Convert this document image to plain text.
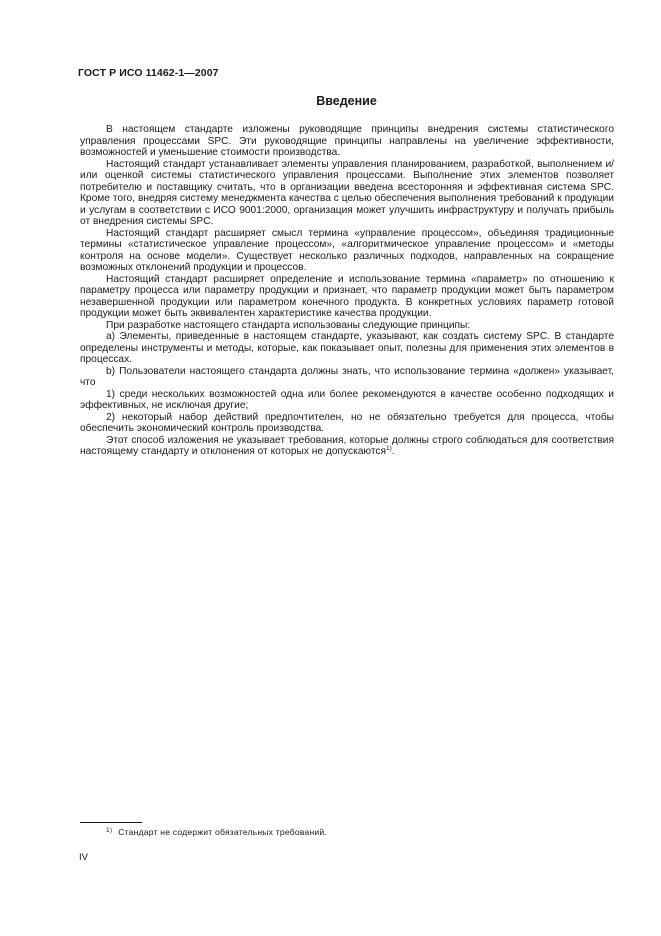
ГОСТ Р ИСО 11462-1—2007
Введение

В настоящем стандарте изложены руководящие принципы внедрения системы статистического управления процессами SPC. Эти руководящие принципы направлены на увеличение эффективности, возможностей и уменьшение стоимости производства.

Настоящий стандарт устанавливает элементы управления планированием, разработкой, выполнением и/или оценкой системы статистического управления процессами. Выполнение этих элементов позволяет потребителю и поставщику считать, что в организации введена всесторонняя и эффективная система SPC. Кроме того, внедряя систему менеджмента качества с целью обеспечения выполнения требований к продукции и услугам в соответствии с ИСО 9001:2000, организация может улучшить инфраструктуру и получать прибыль от внедрения системы SPC.

Настоящий стандарт расширяет смысл термина «управление процессом», объединяя традиционные термины «статистическое управление процессом», «алгоритмическое управление процессом» и «методы контроля на основе модели». Существует несколько различных подходов, направленных на сокращение возможных отклонений продукции и процессов.

Настоящий стандарт расширяет определение и использование термина «параметр» по отношению к параметру процесса или параметру продукции и признает, что параметр продукции может быть параметром незавершенной продукции или параметром конечного продукта. В конкретных условиях параметр готовой продукции может быть эквивалентен характеристике качества продукции.

При разработке настоящего стандарта использованы следующие принципы:

a) Элементы, приведенные в настоящем стандарте, указывают, как создать систему SPC. В стандарте определены инструменты и методы, которые, как показывает опыт, полезны для применения этих элементов в процессах.

b) Пользователи настоящего стандарта должны знать, что использование термина «должен» указывает, что

1) среди нескольких возможностей одна или более рекомендуются в качестве особенно подходящих и эффективных, не исключая другие;

2) некоторый набор действий предпочтителен, но не обязательно требуется для процесса, чтобы обеспечить экономический контроль производства.

Этот способ изложения не указывает требования, которые должны строго соблюдаться для соответствия настоящему стандарту и отклонения от которых не допускаются$^{1)}$.

$^{1)}$ Стандарт не содержит обязательных требований.
IV
